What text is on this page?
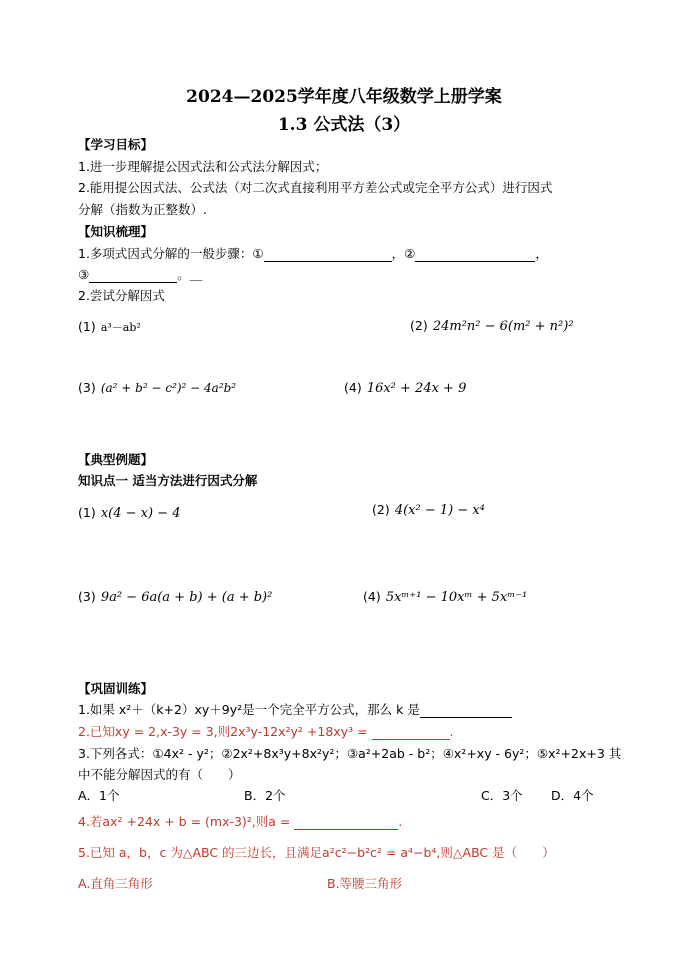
2024—2025学年度八年级数学上册学案
1.3 公式法（3）
【学习目标】
1.进一步理解提公因式法和公式法分解因式；
2.能用提公因式法、公式法（对二次式直接利用平方差公式或完全平方公式）进行因式
分解（指数为正整数）.
【知识梳理】
1.多项式因式分解的一般步骤：①	，②	，
③	。＿
2.尝试分解因式
(1) a³－ab²	(2) 24m²n² − 6(m² + n²)²
(3) (a² + b² − c²)² − 4a²b²	(4) 16x² + 24x + 9
【典型例题】
知识点一 适当方法进行因式分解
(1) x(4 − x) − 4	(2) 4(x² − 1) − x⁴
(3) 9a² − 6a(a + b) + (a + b)²	(4) 5xᵐ⁺¹ − 10xᵐ + 5xᵐ⁻¹
【巩固训练】
1.如果 x²＋（k+2）xy＋9y²是一个完全平方公式，那么 k 是
2.已知xy = 2,x-3y = 3,则2x³y-12x²y² +18xy³ =	.
3.下列各式：①4x² - y²；②2x²+8x³y+8x²y²；③a²+2ab - b²；④x²+xy - 6y²；⑤x²+2x+3 其
中不能分解因式的有（　　）
A．1个	B．2个	C．3个 D．4个
4.若ax² +24x + b = (mx-3)²,则a =	.
5.已知 a，b，c 为△ABC 的三边长，且满足a²c²−b²c² = a⁴−b⁴,则△ABC 是（　　）
A.直角三角形	B.等腰三角形
